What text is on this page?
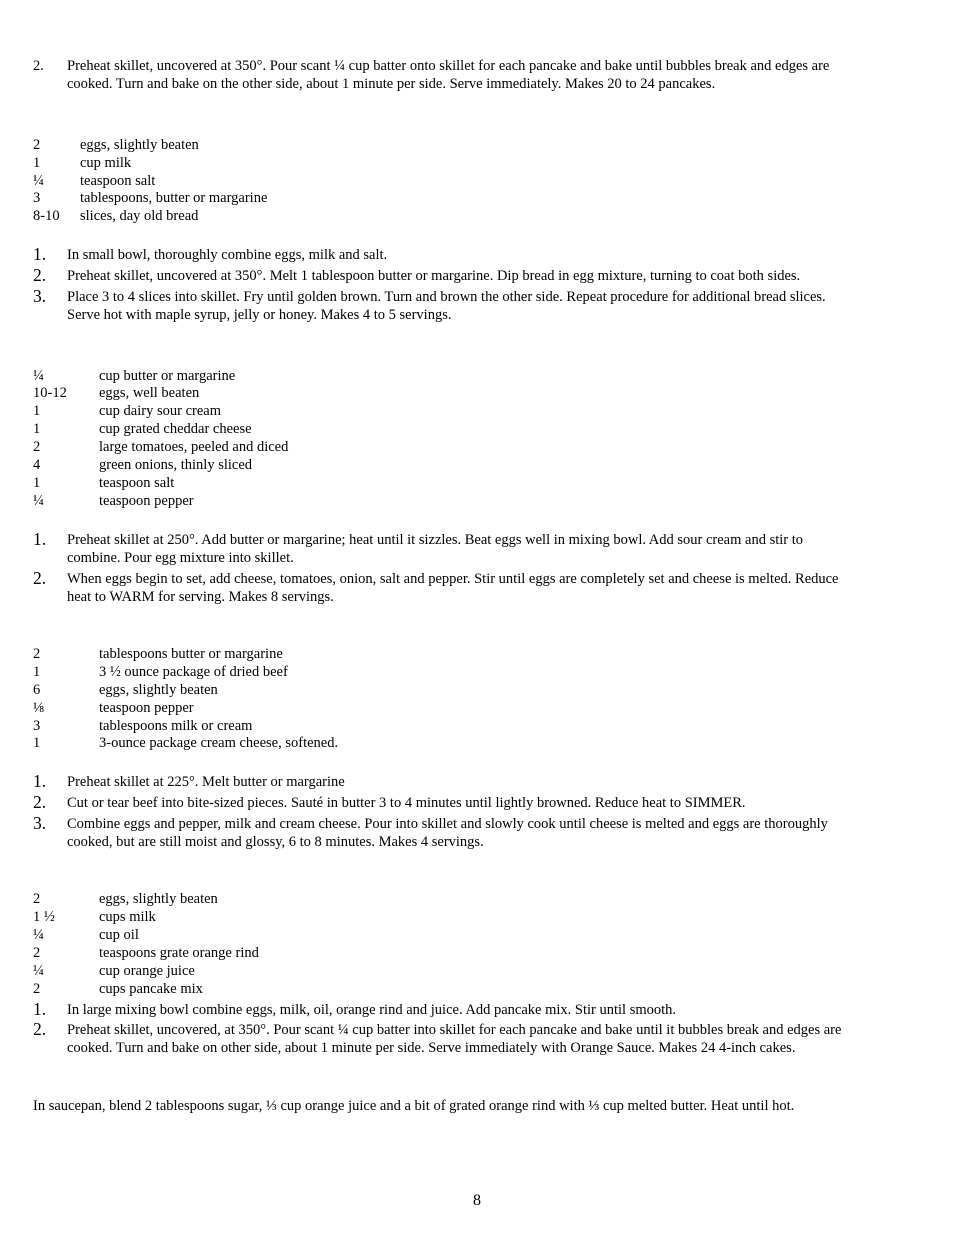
2. Preheat skillet, uncovered at 350°. Pour scant ¼ cup batter onto skillet for each pancake and bake until bubbles break and edges are
cooked. Turn and bake on the other side, about 1 minute per side. Serve immediately. Makes 20 to 24 pancakes.
2	eggs, slightly beaten
1	cup milk
¼ teaspoon salt
3	tablespoons, butter or margarine
8-10 slices, day old bread
1. In small bowl, thoroughly combine eggs, milk and salt.
2. Preheat skillet, uncovered at 350°. Melt 1 tablespoon butter or margarine. Dip bread in egg mixture, turning to coat both sides.
3. Place 3 to 4 slices into skillet. Fry until golden brown. Turn and brown the other side. Repeat procedure for additional bread slices.
Serve hot with maple syrup, jelly or honey. Makes 4 to 5 servings.
¼	cup butter or margarine
10-12 eggs, well beaten
1	cup dairy sour cream
1	cup grated cheddar cheese
2	large tomatoes, peeled and diced
4	green onions, thinly sliced
1	teaspoon salt
¼	teaspoon pepper
1. Preheat skillet at 250°. Add butter or margarine; heat until it sizzles. Beat eggs well in mixing bowl. Add sour cream and stir to
combine. Pour egg mixture into skillet.
2. When eggs begin to set, add cheese, tomatoes, onion, salt and pepper. Stir until eggs are completely set and cheese is melted. Reduce
heat to WARM for serving. Makes 8 servings.
2	tablespoons butter or margarine
1	3 ½ ounce package of dried beef
6	eggs, slightly beaten
⅛	teaspoon pepper
3	tablespoons milk or cream
1	3-ounce package cream cheese, softened.
1. Preheat skillet at 225°. Melt butter or margarine
2. Cut or tear beef into bite-sized pieces. Sauté in butter 3 to 4 minutes until lightly browned. Reduce heat to SIMMER.
3. Combine eggs and pepper, milk and cream cheese. Pour into skillet and slowly cook until cheese is melted and eggs are thoroughly
cooked, but are still moist and glossy, 6 to 8 minutes. Makes 4 servings.
2	eggs, slightly beaten
1 ½	cups milk
¼	cup oil
2	teaspoons grate orange rind
¼	cup orange juice
2	cups pancake mix
1. In large mixing bowl combine eggs, milk, oil, orange rind and juice. Add pancake mix. Stir until smooth.
2. Preheat skillet, uncovered, at 350°. Pour scant ¼ cup batter into skillet for each pancake and bake until it bubbles break and edges are
cooked. Turn and bake on other side, about 1 minute per side. Serve immediately with Orange Sauce. Makes 24 4-inch cakes.
In saucepan, blend 2 tablespoons sugar, ⅓ cup orange juice and a bit of grated orange rind with ⅓ cup melted butter. Heat until hot.
8
